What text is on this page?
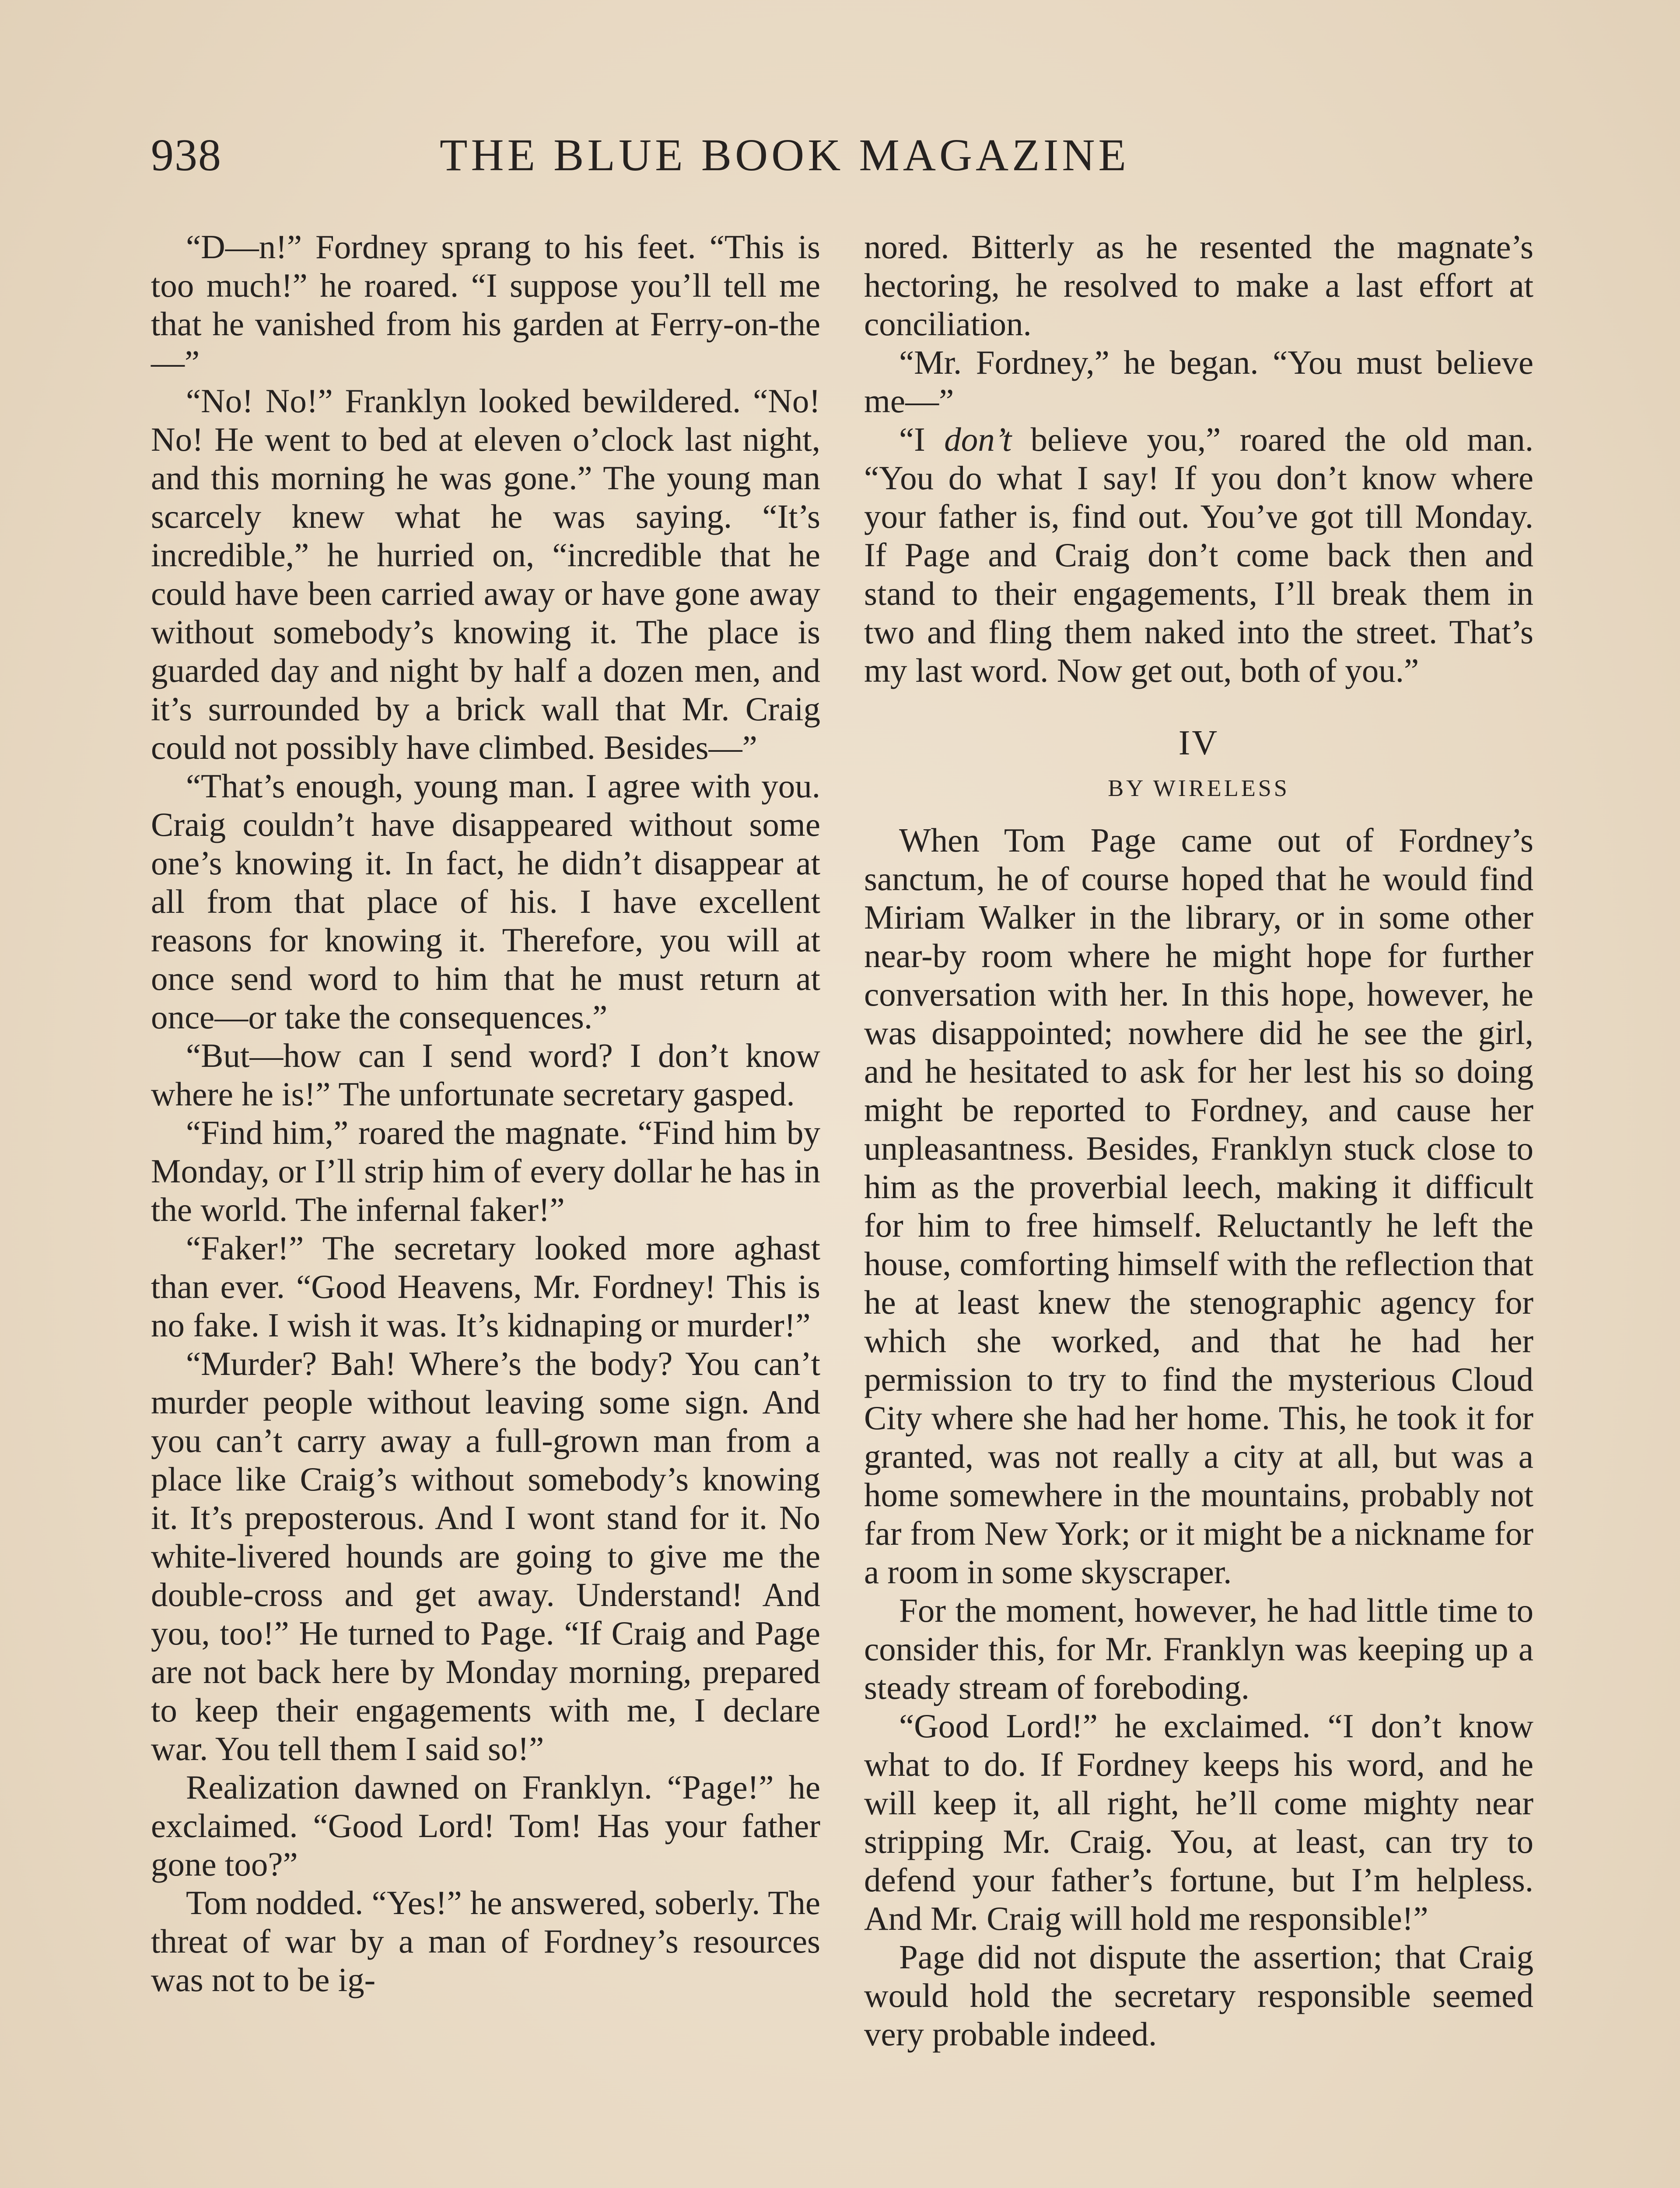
938	THE BLUE BOOK MAGAZINE

“D—n!” Fordney sprang to his feet. “This is too much!” he roared. “I suppose you’ll tell me that he vanished from his garden at Ferry-on-the—”

“No! No!” Franklyn looked bewildered. “No! No! He went to bed at eleven o’clock last night, and this morning he was gone.” The young man scarcely knew what he was saying. “It’s incredible,” he hurried on, “incredible that he could have been carried away or have gone away without somebody’s knowing it. The place is guarded day and night by half a dozen men, and it’s surrounded by a brick wall that Mr. Craig could not possibly have climbed. Besides—”

“That’s enough, young man. I agree with you. Craig couldn’t have disappeared without some one’s knowing it. In fact, he didn’t disappear at all from that place of his. I have excellent reasons for knowing it. Therefore, you will at once send word to him that he must return at once—or take the consequences.”

“But—how can I send word? I don’t know where he is!” The unfortunate secretary gasped.

“Find him,” roared the magnate. “Find him by Monday, or I’ll strip him of every dollar he has in the world. The infernal faker!”

“Faker!” The secretary looked more aghast than ever. “Good Heavens, Mr. Fordney! This is no fake. I wish it was. It’s kidnaping or murder!”

“Murder? Bah! Where’s the body? You can’t murder people without leaving some sign. And you can’t carry away a full-grown man from a place like Craig’s without somebody’s knowing it. It’s preposterous. And I wont stand for it. No white-livered hounds are going to give me the double-cross and get away. Understand! And you, too!” He turned to Page. “If Craig and Page are not back here by Monday morning, prepared to keep their engagements with me, I declare war. You tell them I said so!”

Realization dawned on Franklyn. “Page!” he exclaimed. “Good Lord! Tom! Has your father gone too?”

Tom nodded. “Yes!” he answered, soberly. The threat of war by a man of Fordney’s resources was not to be ig-

nored. Bitterly as he resented the magnate’s hectoring, he resolved to make a last effort at conciliation.

“Mr. Fordney,” he began. “You must believe me—”

“I don’t believe you,” roared the old man. “You do what I say! If you don’t know where your father is, find out. You’ve got till Monday. If Page and Craig don’t come back then and stand to their engagements, I’ll break them in two and fling them naked into the street. That’s my last word. Now get out, both of you.”

IV
BY WIRELESS

When Tom Page came out of Fordney’s sanctum, he of course hoped that he would find Miriam Walker in the library, or in some other near-by room where he might hope for further conversation with her. In this hope, however, he was disappointed; nowhere did he see the girl, and he hesitated to ask for her lest his so doing might be reported to Fordney, and cause her unpleasantness. Besides, Franklyn stuck close to him as the proverbial leech, making it difficult for him to free himself. Reluctantly he left the house, comforting himself with the reflection that he at least knew the stenographic agency for which she worked, and that he had her permission to try to find the mysterious Cloud City where she had her home. This, he took it for granted, was not really a city at all, but was a home somewhere in the mountains, probably not far from New York; or it might be a nickname for a room in some skyscraper.

For the moment, however, he had little time to consider this, for Mr. Franklyn was keeping up a steady stream of foreboding.

“Good Lord!” he exclaimed. “I don’t know what to do. If Fordney keeps his word, and he will keep it, all right, he’ll come mighty near stripping Mr. Craig. You, at least, can try to defend your father’s fortune, but I’m helpless. And Mr. Craig will hold me responsible!”

Page did not dispute the assertion; that Craig would hold the secretary responsible seemed very probable indeed.
